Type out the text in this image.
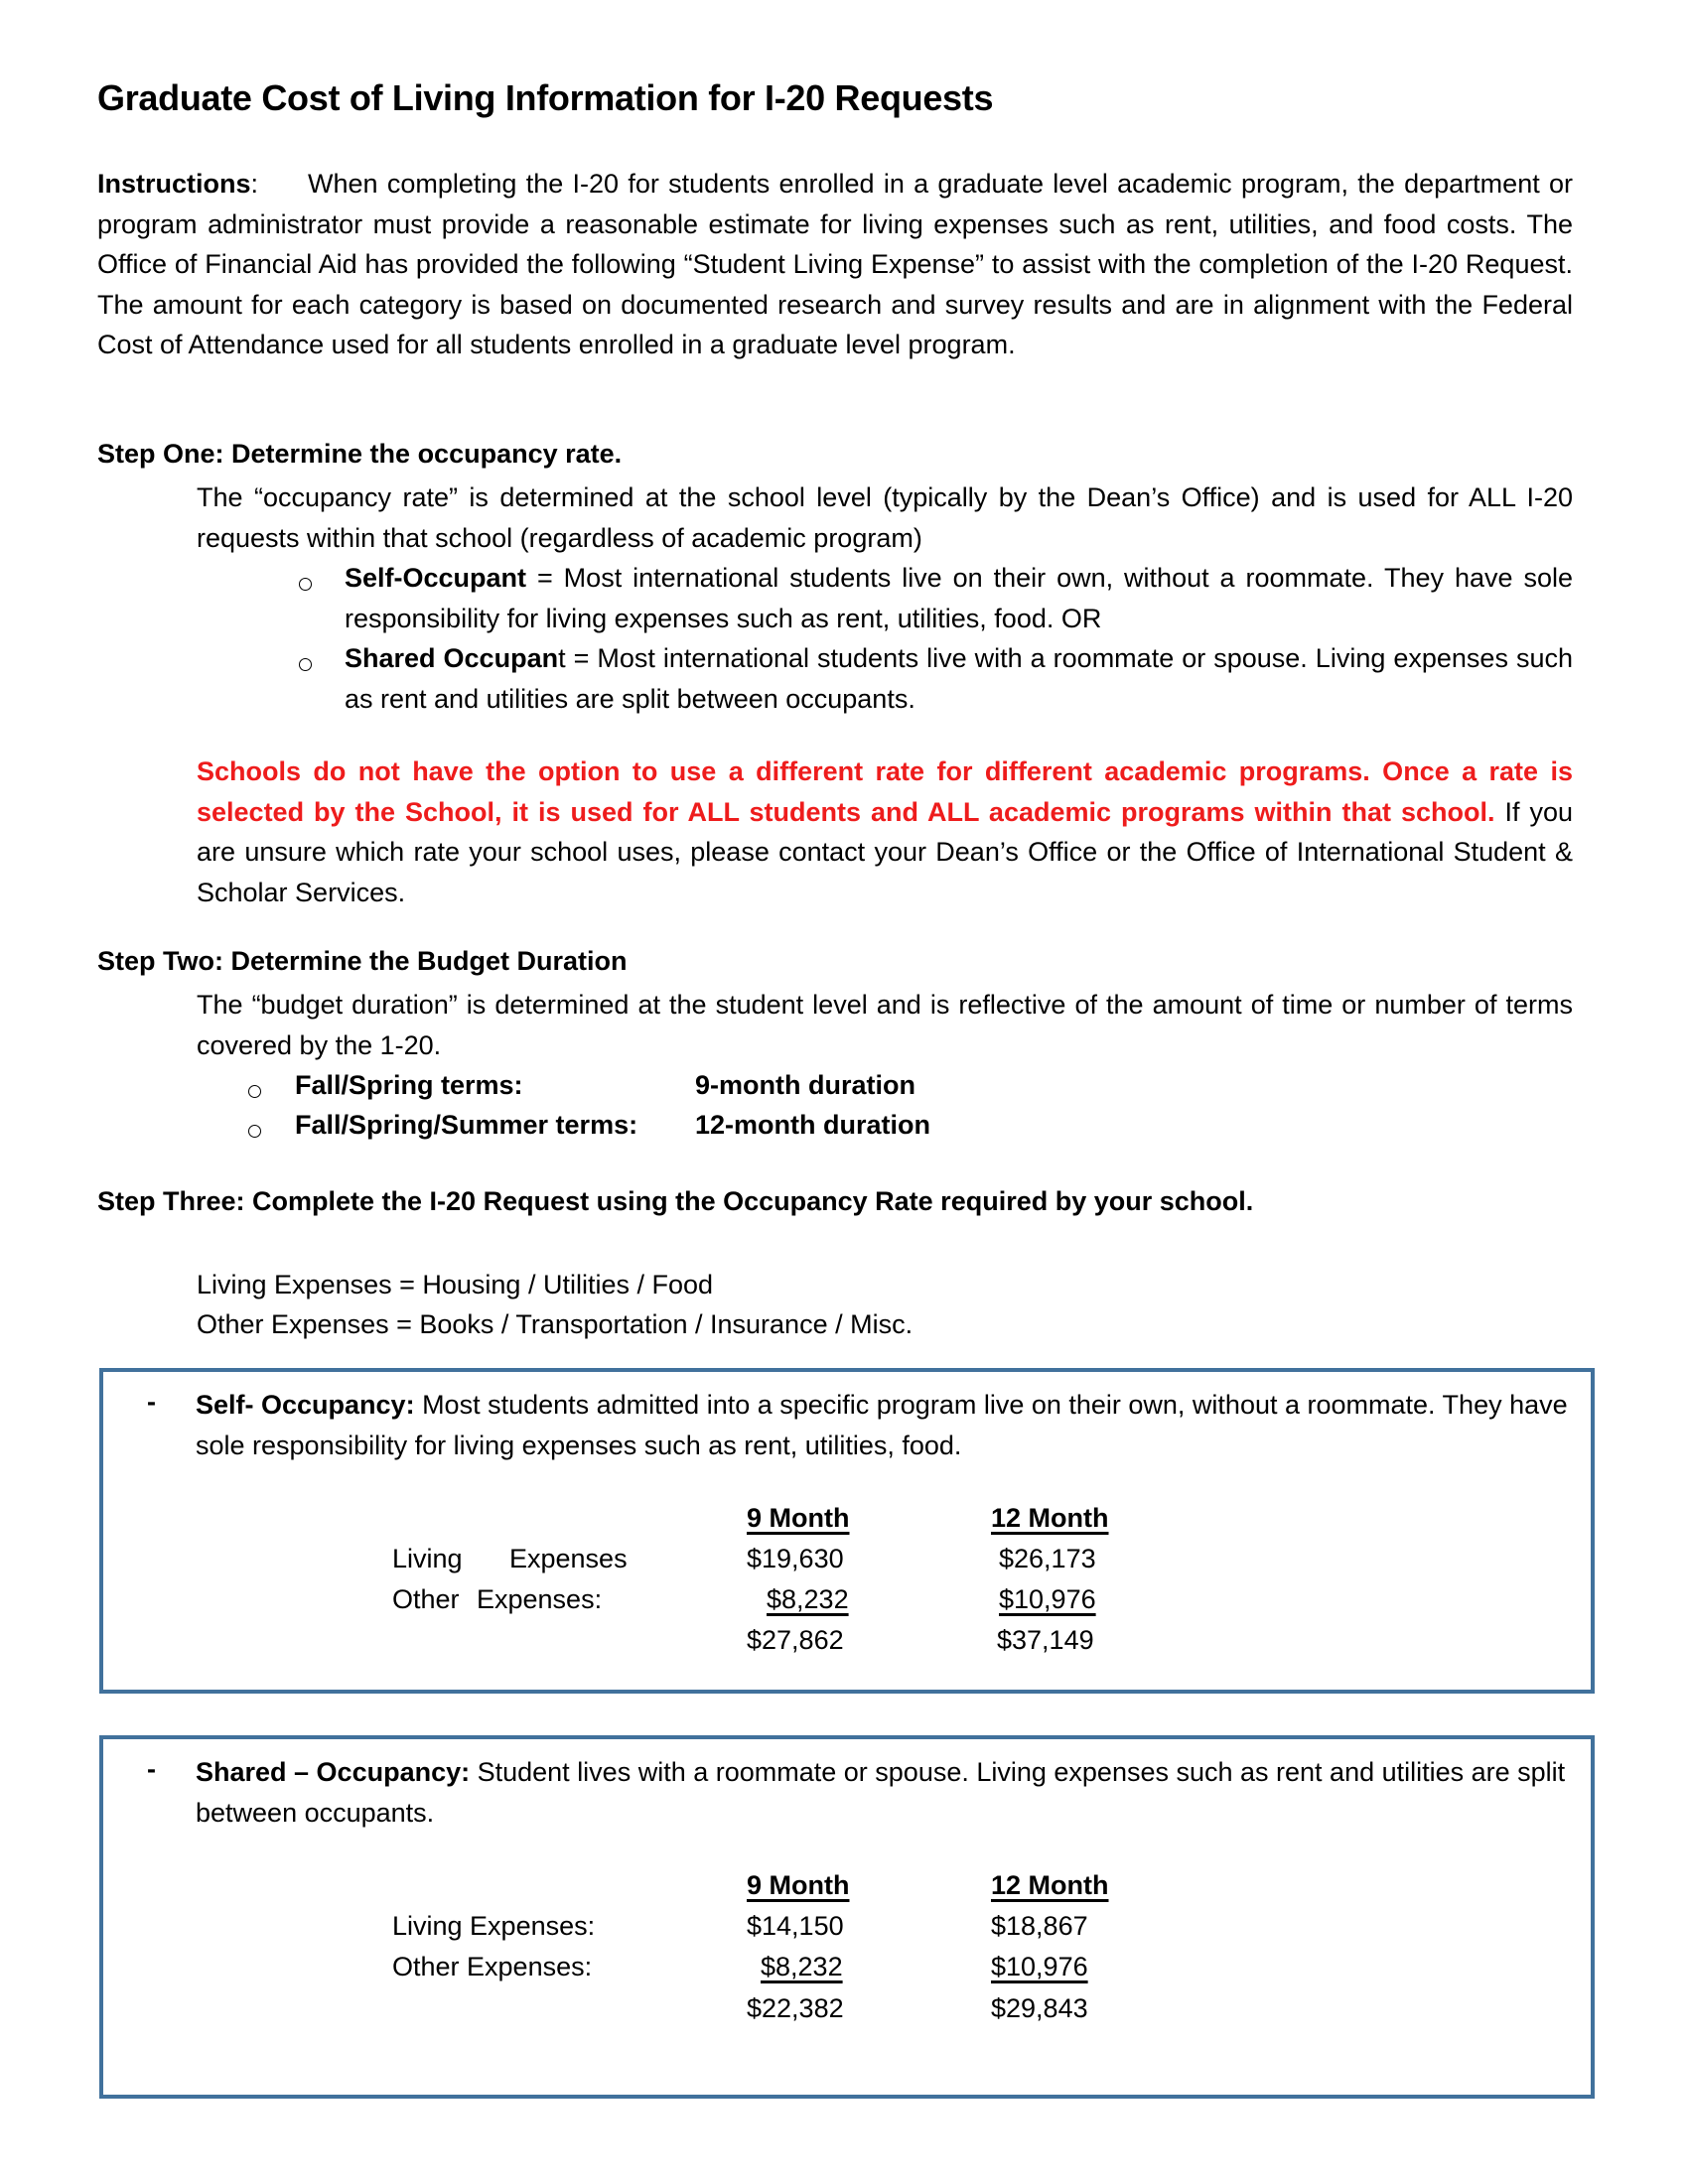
Graduate Cost of Living Information for I-20 Requests
Instructions: When completing the I-20 for students enrolled in a graduate level academic program, the department or program administrator must provide a reasonable estimate for living expenses such as rent, utilities, and food costs. The Office of Financial Aid has provided the following “Student Living Expense” to assist with the completion of the I-20 Request. The amount for each category is based on documented research and survey results and are in alignment with the Federal Cost of Attendance used for all students enrolled in a graduate level program.
Step One: Determine the occupancy rate.
The “occupancy rate” is determined at the school level (typically by the Dean’s Office) and is used for ALL I-20 requests within that school (regardless of academic program)
Self-Occupant = Most international students live on their own, without a roommate. They have sole responsibility for living expenses such as rent, utilities, food. OR
Shared Occupant = Most international students live with a roommate or spouse. Living expenses such as rent and utilities are split between occupants.
Schools do not have the option to use a different rate for different academic programs. Once a rate is selected by the School, it is used for ALL students and ALL academic programs within that school. If you are unsure which rate your school uses, please contact your Dean’s Office or the Office of International Student & Scholar Services.
Step Two: Determine the Budget Duration
The “budget duration” is determined at the student level and is reflective of the amount of time or number of terms covered by the 1-20.
Fall/Spring terms:	9-month duration
Fall/Spring/Summer terms: 12-month duration
Step Three: Complete the I-20 Request using the Occupancy Rate required by your school.
Living Expenses = Housing / Utilities / Food
Other Expenses = Books / Transportation / Insurance / Misc.
- Self- Occupancy: Most students admitted into a specific program live on their own, without a roommate. They have sole responsibility for living expenses such as rent, utilities, food.
9 Month	12 Month
Living Expenses	$19,630	$26,173
Other Expenses:	$8,232	$10,976
$27,862	$37,149
- Shared – Occupancy: Student lives with a roommate or spouse. Living expenses such as rent and utilities are split between occupants.
9 Month	12 Month
Living Expenses:	$14,150	$18,867
Other Expenses:	$8,232	$10,976
$22,382	$29,843
